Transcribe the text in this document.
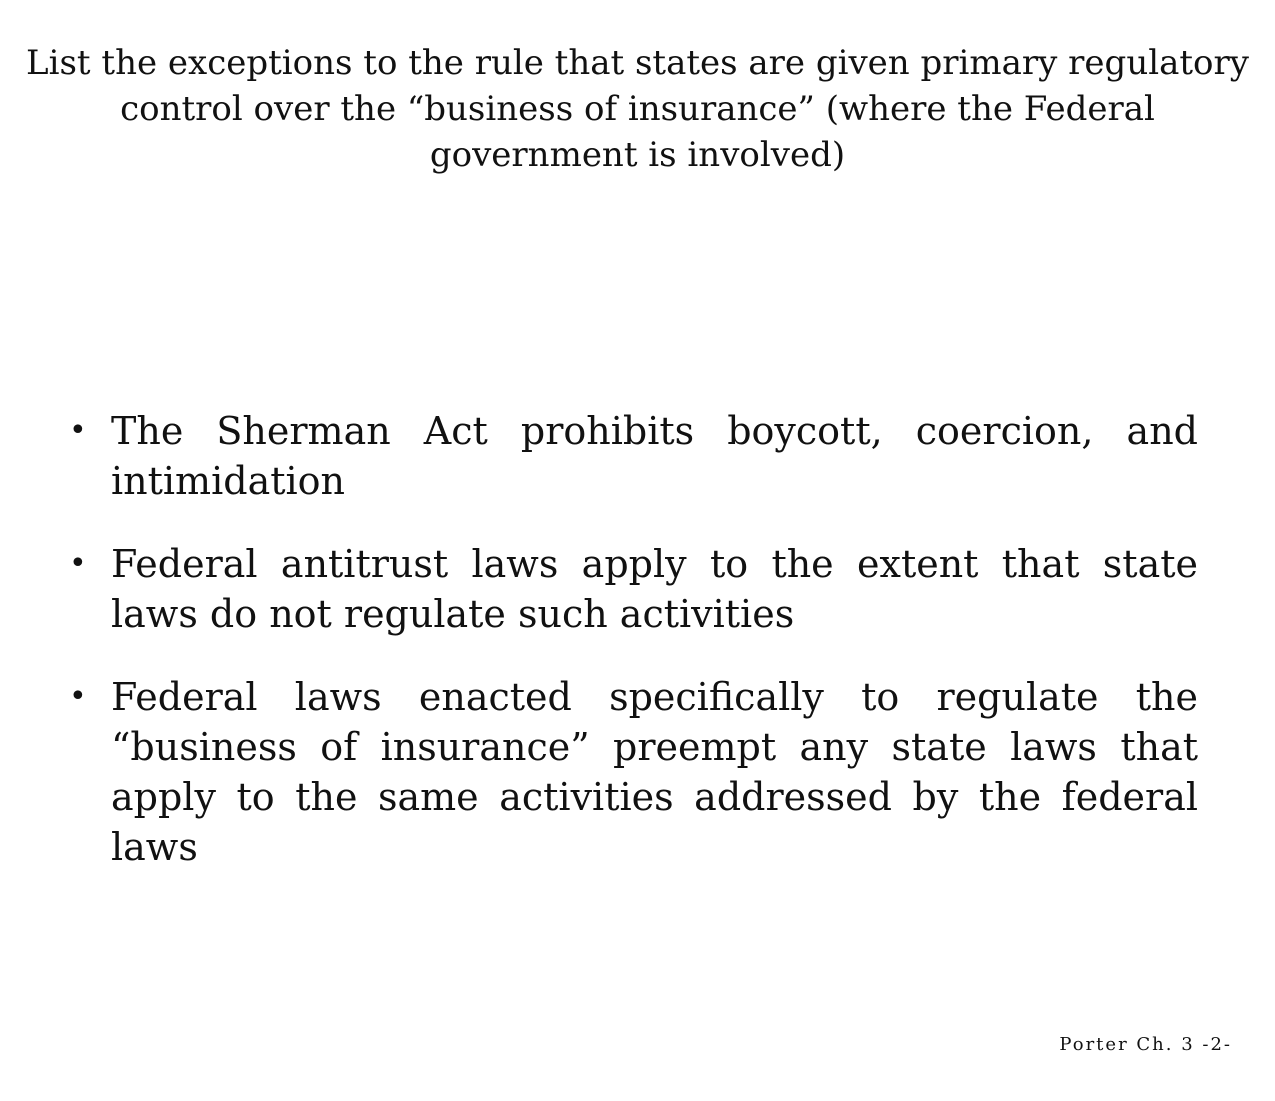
List the exceptions to the rule that states are given primary regulatory control over the “business of insurance” (where the Federal government is involved)
• The Sherman Act prohibits boycott, coercion, and intimidation
• Federal antitrust laws apply to the extent that state laws do not regulate such activities
• Federal laws enacted specifically to regulate the “business of insurance” preempt any state laws that apply to the same activities addressed by the federal laws
Porter Ch. 3 -2-
